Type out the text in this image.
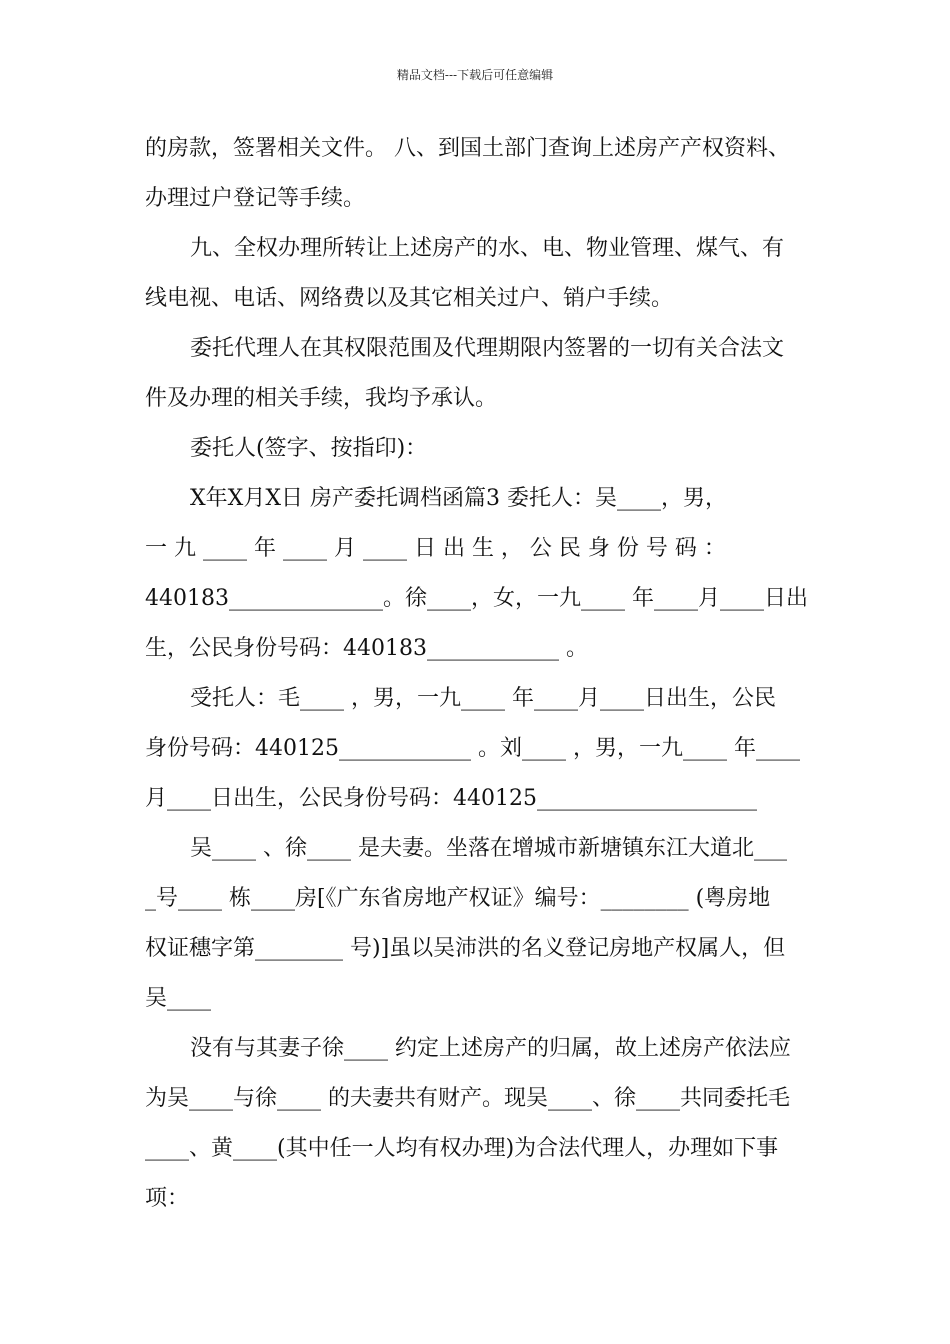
精品文档---下载后可任意编辑

的房款，签署相关文件。 八、到国土部门查询上述房产产权资料、

办理过户登记等手续。

九、全权办理所转让上述房产的水、电、物业管理、煤气、有

线电视、电话、网络费以及其它相关过户、销户手续。

委托代理人在其权限范围及代理期限内签署的一切有关合法文

件及办理的相关手续，我均予承认。

委托人(签字、按指印)：

X年X月X日 房产委托调档函篇3 委托人：吴____，男，

一 九 ____ 年 ____ 月 ____ 日 出 生 ， 公 民 身 份 号 码 ：

440183______________。徐____，女，一九____ 年____月____日出

生，公民身份号码：440183____________ 。

受托人：毛____ ，男，一九____ 年____月____日出生，公民

身份号码：440125____________ 。刘____ ，男，一九____ 年____

月____日出生，公民身份号码：440125____________________

吴____ 、徐____ 是夫妻。坐落在增城市新塘镇东江大道北___

_号____ 栋____房[《广东省房地产权证》编号：________ (粤房地

权证穗字第________ 号)]虽以吴沛洪的名义登记房地产权属人，但

吴____

没有与其妻子徐____ 约定上述房产的归属，故上述房产依法应

为吴____与徐____ 的夫妻共有财产。现吴____、徐____共同委托毛

____、黄____(其中任一人均有权办理)为合法代理人，办理如下事

项：
